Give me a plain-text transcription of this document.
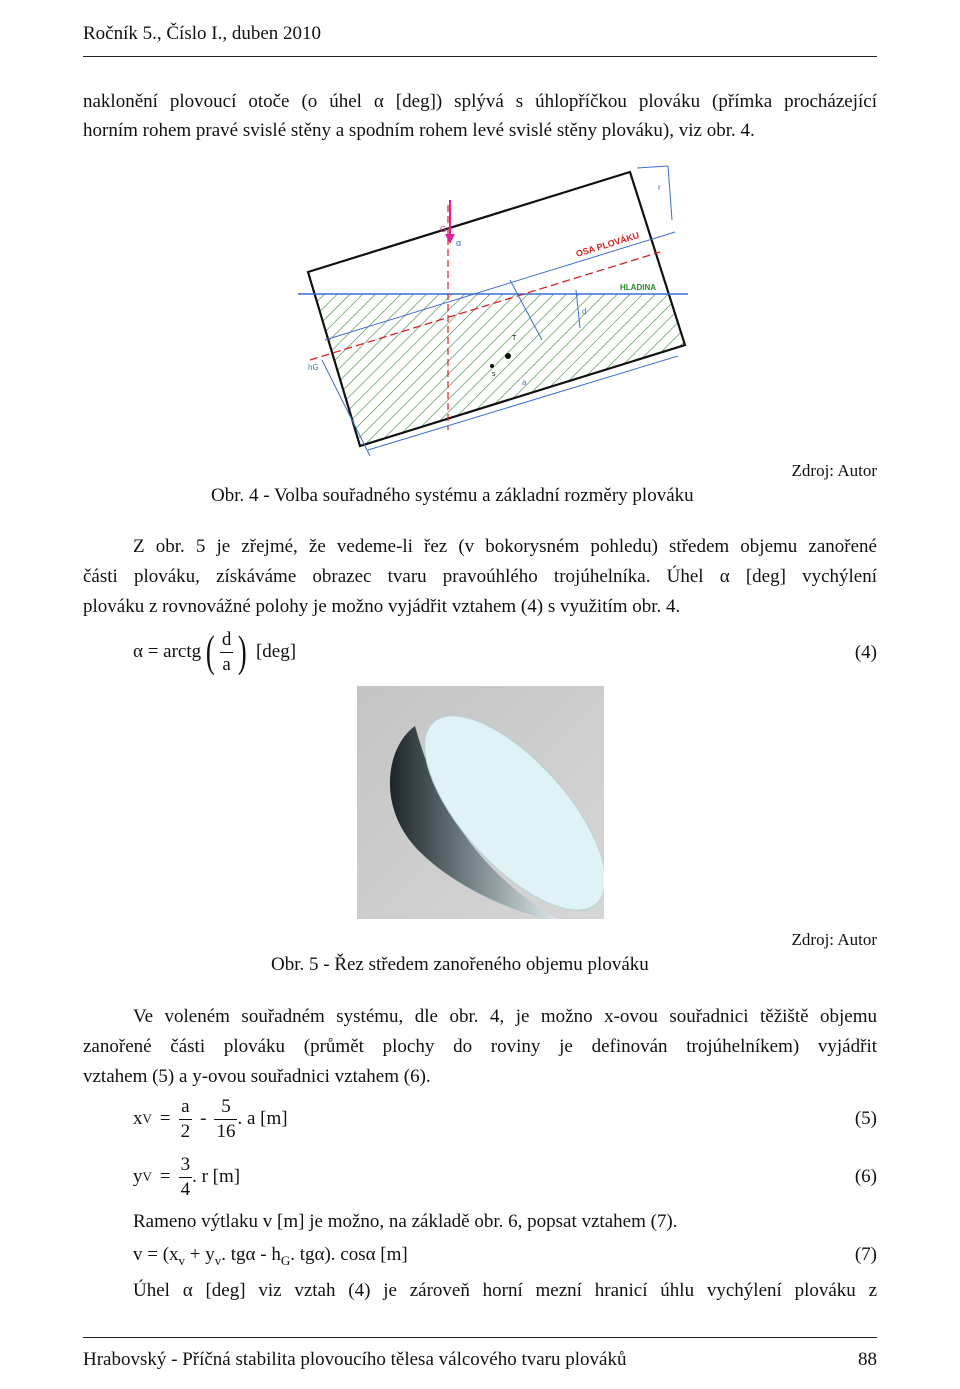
Ročník 5., Číslo I., duben 2010
naklonění plovoucí otoče (o úhel α [deg]) splývá s úhlopříčkou plováku (přímka procházející
horním rohem pravé svislé stěny a spodním rohem levé svislé stěny plováku), viz obr. 4.
OSA PLOVÁKU
HLADINA
G
α
r
d
T
s
a
hG
Zdroj: Autor
Obr. 4 - Volba souřadného systému a základní rozměry plováku
Z obr. 5 je zřejmé, že vedeme-li řez (v bokorysném pohledu) středem objemu zanořené
části plováku, získáváme obrazec tvaru pravoúhlého trojúhelníka. Úhel α [deg] vychýlení
plováku z rovnovážné polohy je možno vyjádřit vztahem (4) s využitím obr. 4.
α = arctg ( $\frac{d}{a}$ ) [deg]	(4)
Zdroj: Autor
Obr. 5 - Řez středem zanořeného objemu plováku
Ve voleném souřadném systému, dle obr. 4, je možno x-ovou souřadnici těžiště objemu
zanořené části plováku (průmět plochy do roviny je definován trojúhelníkem) vyjádřit
vztahem (5) a y-ovou souřadnici vztahem (6).
x $V = \frac{a}{2} - \frac{5}{16}$ . a [m]	(5)
y $V = \frac{3}{4}$ . r [m]	(6)
Rameno výtlaku v [m] je možno, na základě obr. 6, popsat vztahem (7).
$v = (x_v + y_v$. tgα - $h_G$. tgα). cosα [m]	(7)
Úhel α [deg] viz vztah (4) je zároveň horní mezní hranicí úhlu vychýlení plováku z
Hrabovský - Příčná stabilita plovoucího tělesa válcového tvaru plováků	88
